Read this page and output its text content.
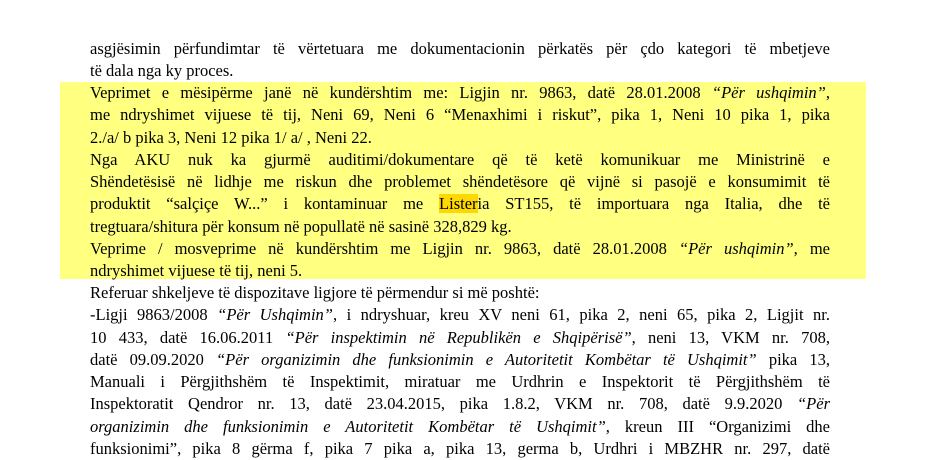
asgjësimin përfundimtar të vërtetuara me dokumentacionin përkatës për çdo kategori të mbetjeve
të dala nga ky proces.
Veprimet e mësipërme janë në kundërshtim me: Ligjin nr. 9863, datë 28.01.2008 “Për ushqimin”,
me ndryshimet vijuese të tij, Neni 69, Neni 6 “Menaxhimi i riskut”, pika 1, Neni 10 pika 1, pika
2./a/ b pika 3, Neni 12 pika 1/ a/ , Neni 22.
Nga AKU nuk ka gjurmë auditimi/dokumentare që të ketë komunikuar me Ministrinë e
Shëndetësisë në lidhje me riskun dhe problemet shëndetësore që vijnë si pasojë e konsumimit të
produktit “salçiçe W...” i kontaminuar me Listeria ST155, të importuara nga Italia, dhe të
tregtuara/shitura për konsum në popullatë në sasinë 328,829 kg.
Veprime / mosveprime në kundërshtim me Ligjin nr. 9863, datë 28.01.2008 “Për ushqimin”, me
ndryshimet vijuese të tij, neni 5.
Referuar shkeljeve të dispozitave ligjore të përmendur si më poshtë:
-Ligji 9863/2008 “Për Ushqimin”, i ndryshuar, kreu XV neni 61, pika 2, neni 65, pika 2, Ligjit nr.
10 433, datë 16.06.2011 “Për inspektimin në Republikën e Shqipërisë”, neni 13, VKM nr. 708,
datë 09.09.2020 “Për organizimin dhe funksionimin e Autoritetit Kombëtar të Ushqimit” pika 13,
Manuali i Përgjithshëm të Inspektimit, miratuar me Urdhrin e Inspektorit të Përgjithshëm të
Inspektoratit Qendror nr. 13, datë 23.04.2015, pika 1.8.2, VKM nr. 708, datë 9.9.2020 “Për
organizimin dhe funksionimin e Autoritetit Kombëtar të Ushqimit”, kreun III “Organizimi dhe
funksionimi”, pika 8 gërma f, pika 7 pika a, pika 13, germa b, Urdhri i MBZHR nr. 297, datë
